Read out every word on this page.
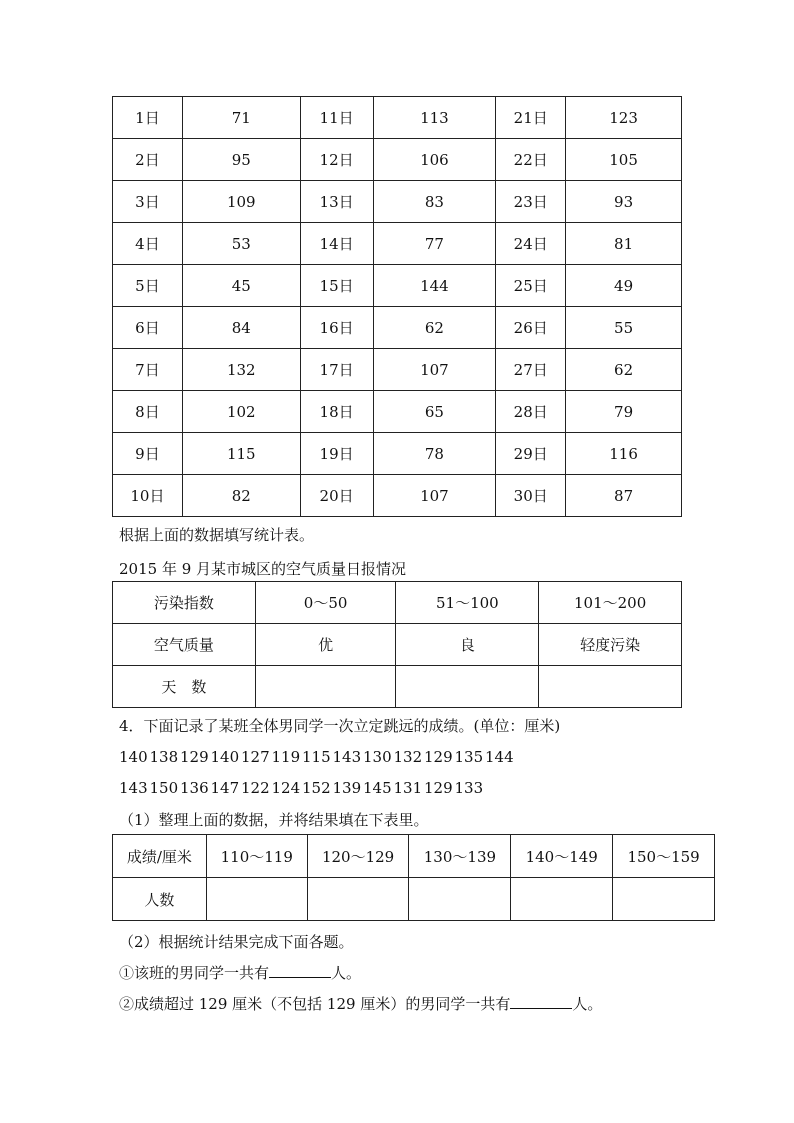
1日	71	11日	113	21日	123
2日	95	12日	106	22日	105
3日	109	13日	83	23日	93
4日	53	14日	77	24日	81
5日	45	15日	144	25日	49
6日	84	16日	62	26日	55
7日	132	17日	107	27日	62
8日	102	18日	65	28日	79
9日	115	19日	78	29日	116
10日	82	20日	107	30日	87
根据上面的数据填写统计表。
2015 年 9 月某市城区的空气质量日报情况
污染指数	0～50	51～100	101～200
空气质量	优	良	轻度污染
天　数			
4．下面记录了某班全体男同学一次立定跳远的成绩。(单位：厘米)
140 138 129 140 127 119 115 143 130 132 129 135 144
143 150 136 147 122 124 152 139 145 131 129 133
（1）整理上面的数据，并将结果填在下表里。
成绩/厘米	110～119	120～129	130～139	140～149	150～159
人数					
（2）根据统计结果完成下面各题。
①该班的男同学一共有	人。
②成绩超过 129 厘米（不包括 129 厘米）的男同学一共有	人。
